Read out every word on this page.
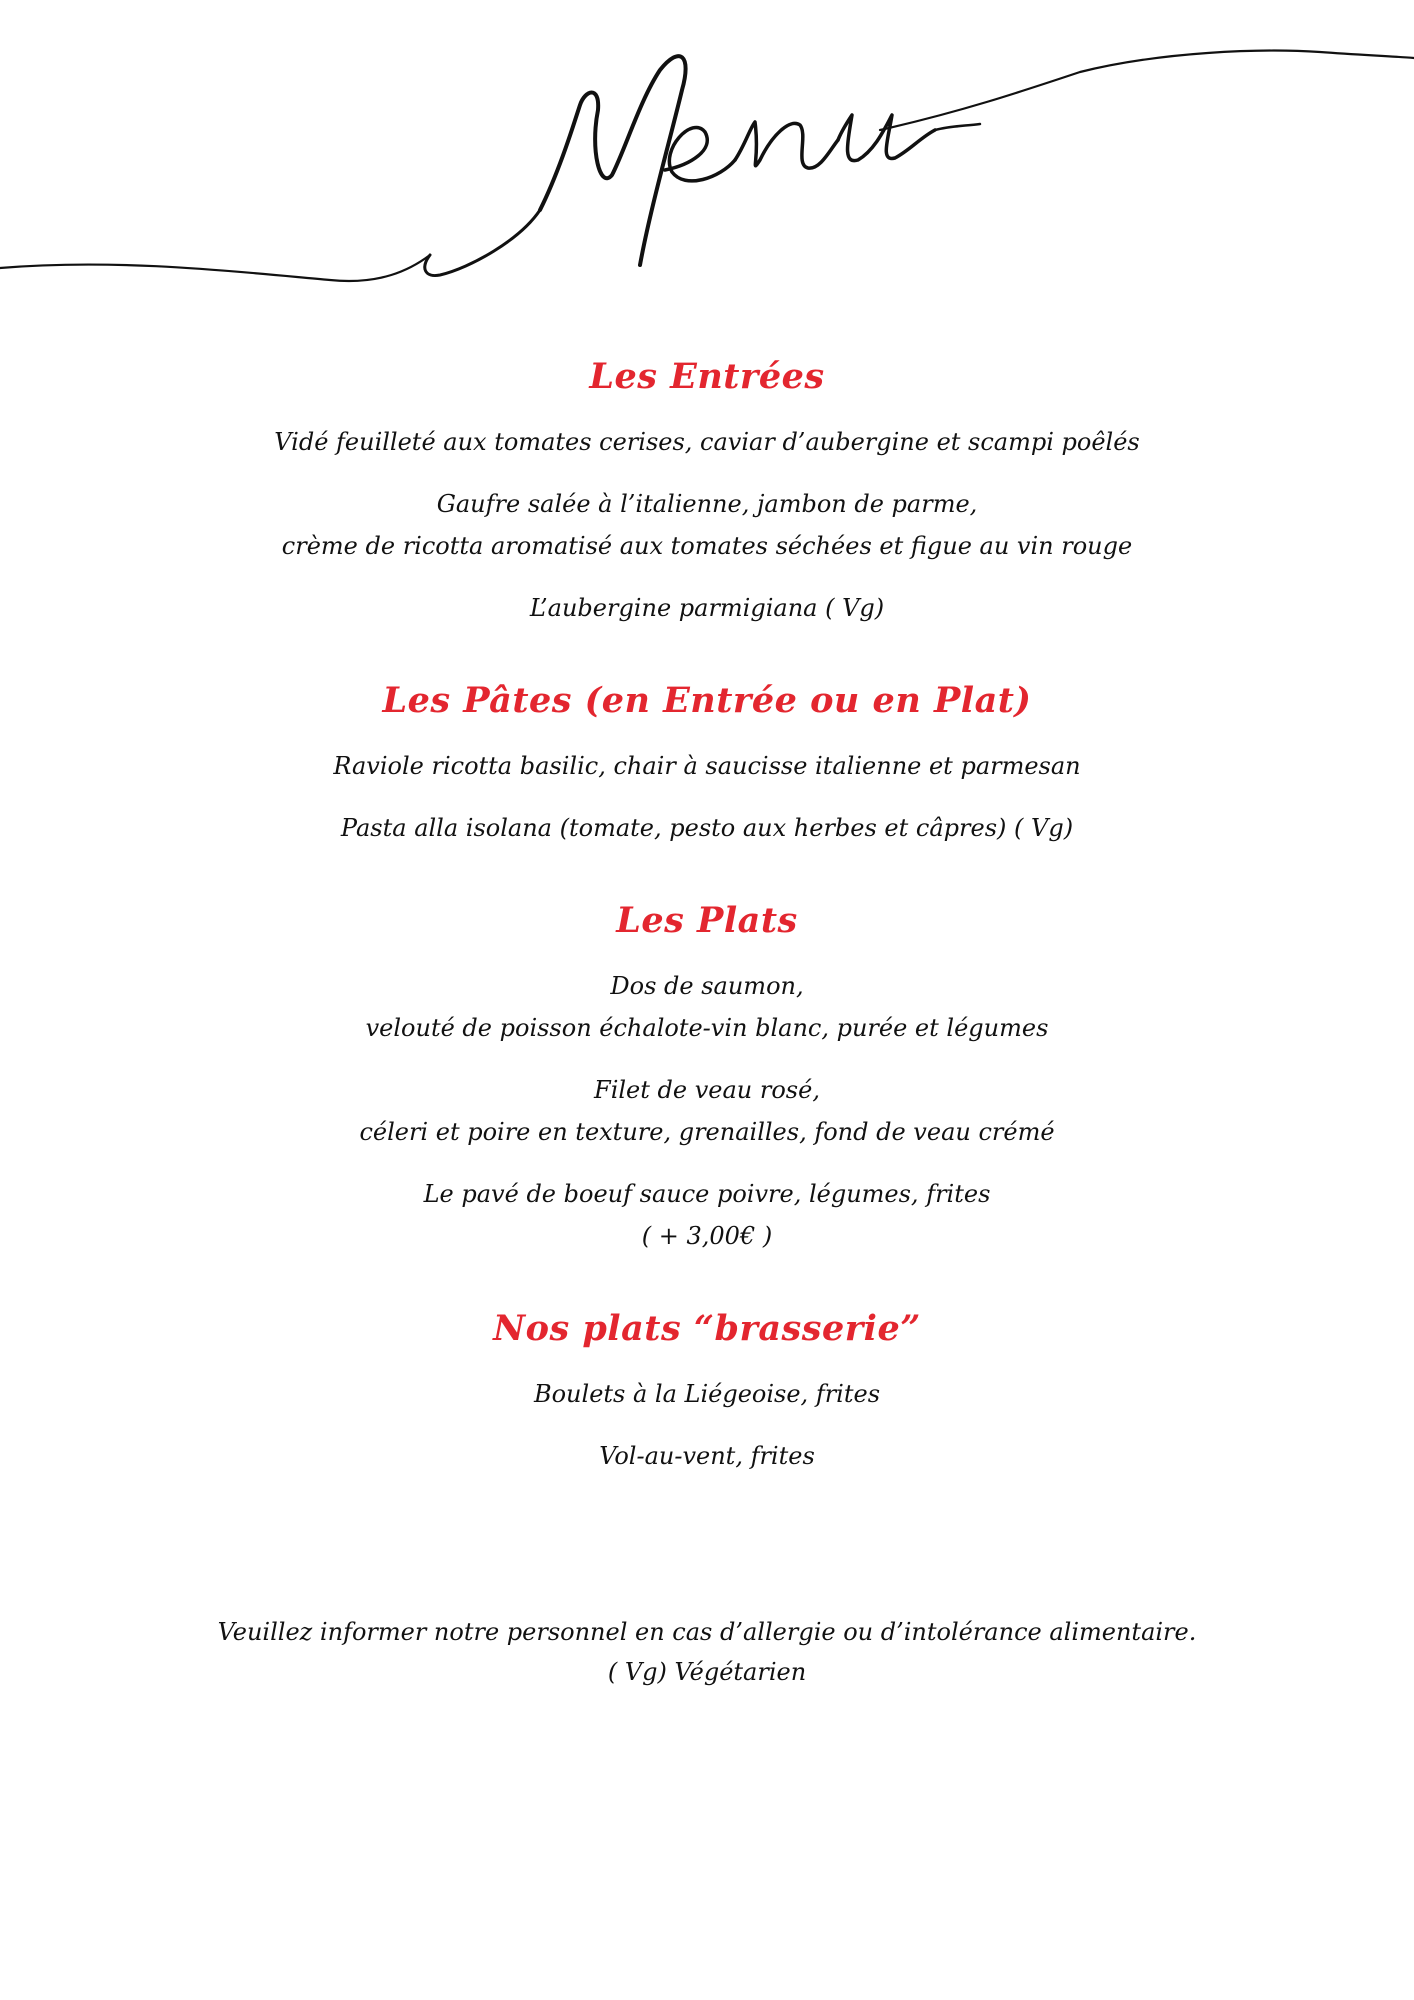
Les Entrées
Vidé feuilleté aux tomates cerises, caviar d’aubergine et scampi poêlés
Gaufre salée à l’italienne, jambon de parme,
crème de ricotta aromatisé aux tomates séchées et figue au vin rouge
L’aubergine parmigiana ( Vg)
Les Pâtes (en Entrée ou en Plat)
Raviole ricotta basilic, chair à saucisse italienne et parmesan
Pasta alla isolana (tomate, pesto aux herbes et câpres) ( Vg)
Les Plats
Dos de saumon,
velouté de poisson échalote-vin blanc, purée et légumes
Filet de veau rosé,
céleri et poire en texture, grenailles, fond de veau crémé
Le pavé de boeuf sauce poivre, légumes, frites
( + 3,00€ )
Nos plats “brasserie”
Boulets à la Liégeoise, frites
Vol-au-vent, frites
Veuillez informer notre personnel en cas d’allergie ou d’intolérance alimentaire.
( Vg) Végétarien
